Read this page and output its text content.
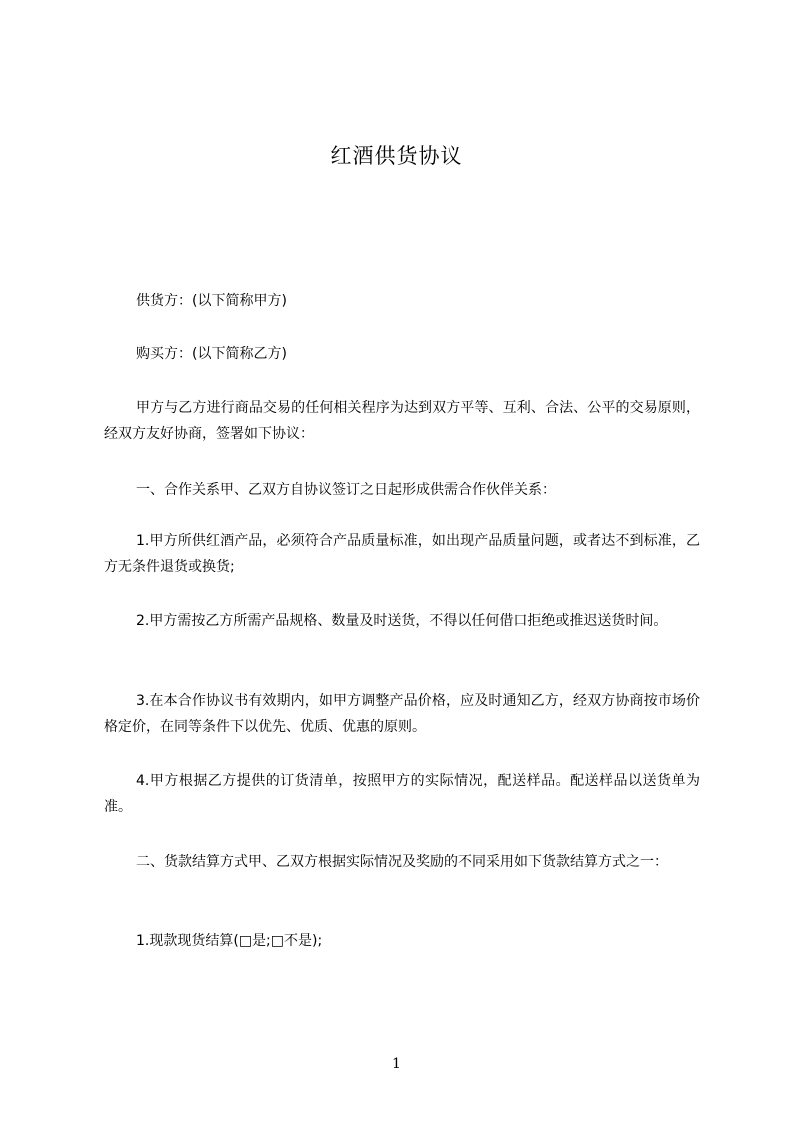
红酒供货协议

供货方：(以下简称甲方)

购买方：(以下简称乙方)

甲方与乙方进行商品交易的任何相关程序为达到双方平等、互利、合法、公平的交易原则，经双方友好协商，签署如下协议：

一、合作关系甲、乙双方自协议签订之日起形成供需合作伙伴关系：

1.甲方所供红酒产品，必须符合产品质量标准，如出现产品质量问题，或者达不到标准，乙方无条件退货或换货;

2.甲方需按乙方所需产品规格、数量及时送货，不得以任何借口拒绝或推迟送货时间。

3.在本合作协议书有效期内，如甲方调整产品价格，应及时通知乙方，经双方协商按市场价格定价，在同等条件下以优先、优质、优惠的原则。

4.甲方根据乙方提供的订货清单，按照甲方的实际情况，配送样品。配送样品以送货单为准。

二、货款结算方式甲、乙双方根据实际情况及奖励的不同采用如下货款结算方式之一：

1.现款现货结算(□是;□不是);

1
